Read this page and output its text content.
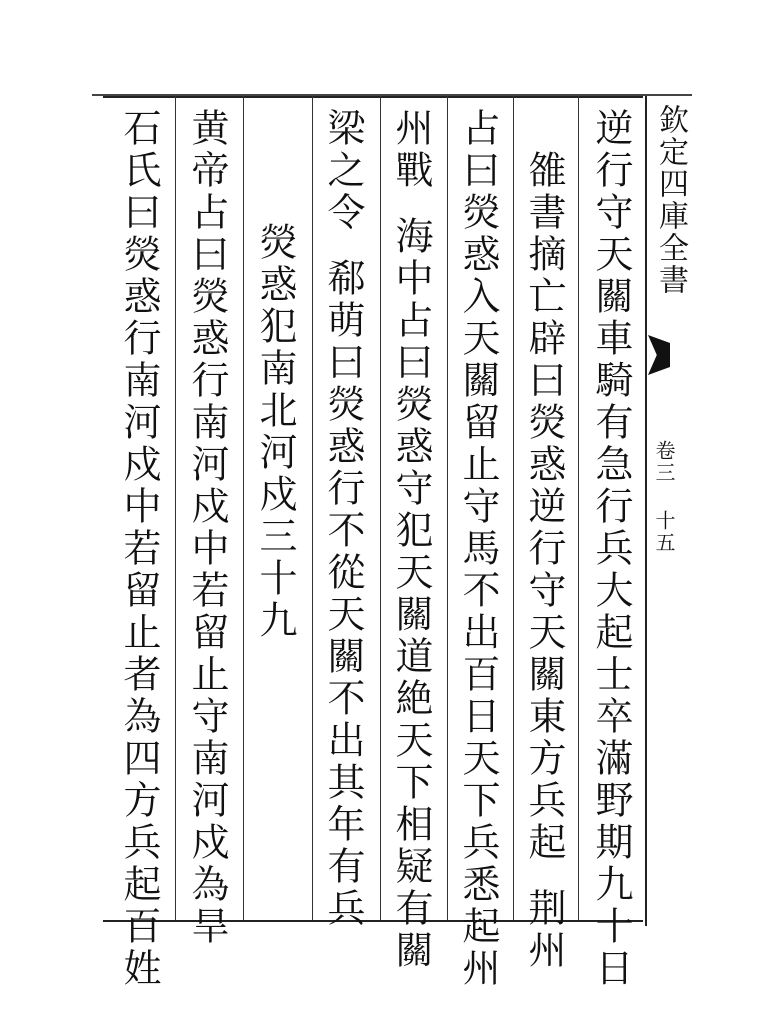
欽定四庫全書
卷三 十五
逆行守天關車騎有急行兵大起士卒滿野期九十日
雒書摘亡辟曰熒惑逆行守天關東方兵起荆州
占曰熒惑入天關留止守馬不出百日天下兵悉起州
州戰海中占曰熒惑守犯天關道絶天下相疑有關
梁之令郗萌曰熒惑行不從天關不出其年有兵
熒惑犯南北河戍三十九
黄帝占曰熒惑行南河戍中若留止守南河戍為旱
石氏曰熒惑行南河戍中若留止者為四方兵起百姓
